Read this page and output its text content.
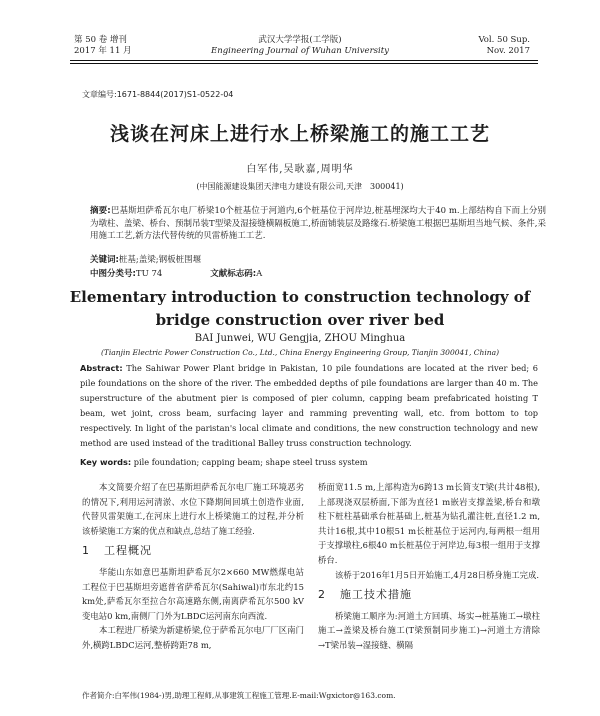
第 50 卷 增刊
2017 年 11 月
武汉大学学报(工学版)
Engineering Journal of Wuhan University
Vol. 50 Sup.
Nov. 2017
文章编号:1671-8844(2017)S1-0522-04
浅谈在河床上进行水上桥梁施工的施工工艺
白军伟,吴耿嘉,周明华
(中国能源建设集团天津电力建设有限公司,天津　300041)
摘要:巴基斯坦萨希瓦尔电厂桥梁10个桩基位于河道内,6个桩基位于河岸边,桩基埋深均大于40 m.上部结构自下而上分别为墩柱、盖梁、桥台、预制吊装T型梁及湿接缝横隔板施工,桥面铺装层及路缘石.桥梁施工根据巴基斯坦当地气候、条件,采用施工工艺,新方法代替传统的贝雷桥施工工艺.
关键词:桩基;盖梁;钢板桩围堰
中图分类号:TU 74	文献标志码:A
Elementary introduction to construction technology of
bridge construction over river bed
BAI Junwei, WU Gengjia, ZHOU Minghua
(Tianjin Electric Power Construction Co., Ltd., China Energy Engineering Group, Tianjin 300041, China)
Abstract: The Sahiwar Power Plant bridge in Pakistan, 10 pile foundations are located at the river bed; 6 pile foundations on the shore of the river. The embedded depths of pile foundations are larger than 40 m. The superstructure of the abutment pier is composed of pier column, capping beam prefabricated hoisting T beam, wet joint, cross beam, surfacing layer and ramming preventing wall, etc. from bottom to top respectively. In light of the paristan's local climate and conditions, the new construction technology and new method are used instead of the traditional Balley truss construction technology.
Key words: pile foundation; capping beam; shape steel truss system

本文简要介绍了在巴基斯坦萨希瓦尔电厂施工环境恶劣的情况下,利用运河清淤、水位下降期间回填土创造作业面,代替贝雷架施工,在河床上进行水上桥梁施工的过程,并分析该桥梁施工方案的优点和缺点,总结了施工经验.

1 工程概况

华能山东如意巴基斯坦萨希瓦尔2×660 MW燃煤电站工程位于巴基斯坦旁遮普省萨希瓦尔(Sahiwal)市东北约15 km处,萨希瓦尔至拉合尔高速路东侧,南离萨希瓦尔500 kV变电站0 km,南侧厂门外为LBDC运河南东向西流.

本工程进厂桥梁为新建桥梁,位于萨希瓦尔电厂厂区南门外,横跨LBDC运河,整桥跨距78 m,

桥面宽11.5 m,上部构造为6跨13 m长简支T梁(共计48根),上部现浇双层桥面,下部为直径1 m嵌岩支撑盖梁,桥台和墩柱下桩柱基础承台桩基础上,桩基为钻孔灌注桩,直径1.2 m,共计16根,其中10根51 m长桩基位于运河内,每两根一组用于支撑墩柱,6根40 m长桩基位于河岸边,每3根一组用于支撑桥台.

该桥于2016年1月5日开始施工,4月28日桥身施工完成.

2 施工技术措施

桥梁施工顺序为:河道土方回填、场实→桩基施工→墩柱施工→盖梁及桥台施工(T梁预制同步施工)→河道土方清除→T梁吊装→湿接缝、横隔

作者简介:白军伟(1984-)男,助理工程师,从事建筑工程施工管理.E-mail:Wgxictor@163.com.
